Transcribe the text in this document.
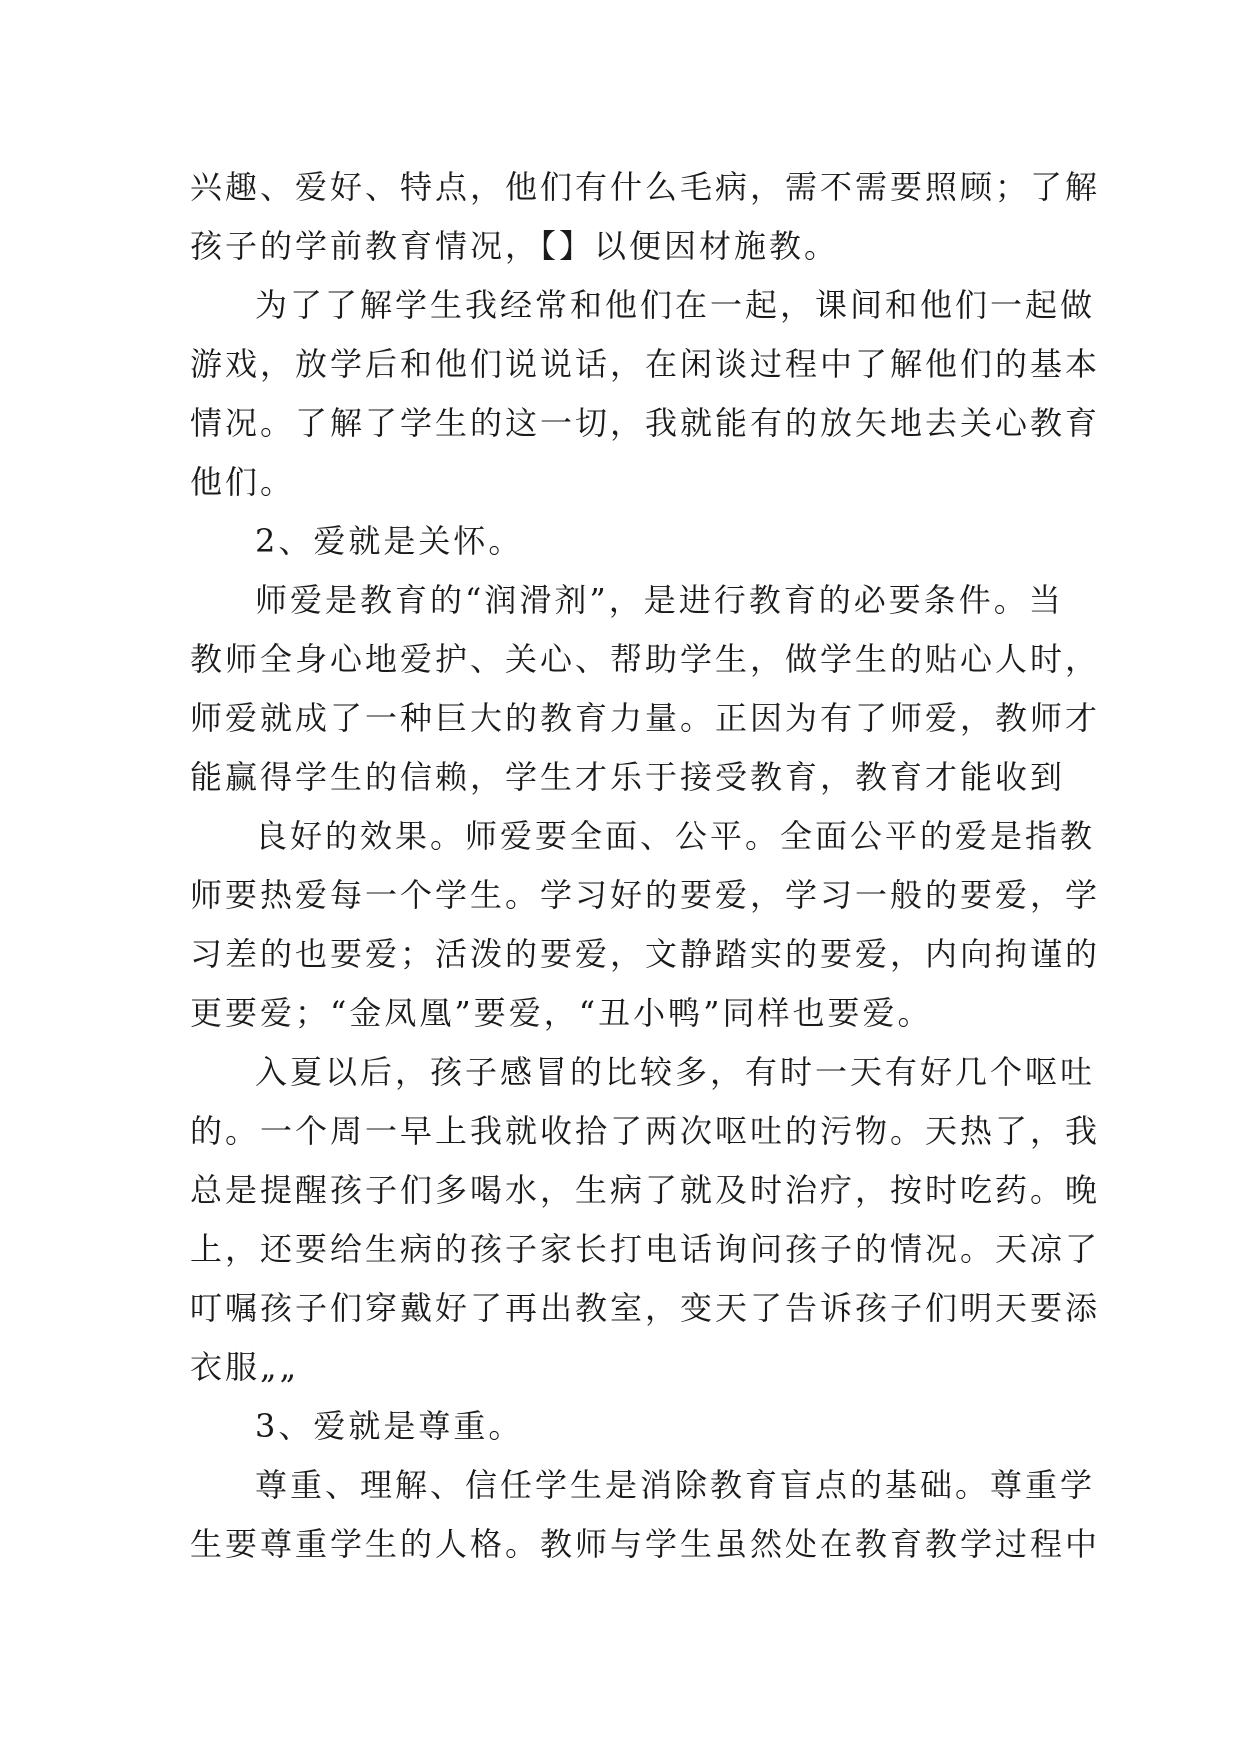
兴趣、爱好、特点，他们有什么毛病，需不需要照顾；了解
孩子的学前教育情况，【】以便因材施教。
为了了解学生我经常和他们在一起，课间和他们一起做
游戏，放学后和他们说说话，在闲谈过程中了解他们的基本
情况。了解了学生的这一切，我就能有的放矢地去关心教育
他们。
2、爱就是关怀。
师爱是教育的“润滑剂”，是进行教育的必要条件。当
教师全身心地爱护、关心、帮助学生，做学生的贴心人时，
师爱就成了一种巨大的教育力量。正因为有了师爱，教师才
能赢得学生的信赖，学生才乐于接受教育，教育才能收到
良好的效果。师爱要全面、公平。全面公平的爱是指教
师要热爱每一个学生。学习好的要爱，学习一般的要爱，学
习差的也要爱；活泼的要爱，文静踏实的要爱，内向拘谨的
更要爱；“金凤凰”要爱，“丑小鸭”同样也要爱。
入夏以后，孩子感冒的比较多，有时一天有好几个呕吐
的。一个周一早上我就收拾了两次呕吐的污物。天热了，我
总是提醒孩子们多喝水，生病了就及时治疗，按时吃药。晚
上，还要给生病的孩子家长打电话询问孩子的情况。天凉了
叮嘱孩子们穿戴好了再出教室，变天了告诉孩子们明天要添
衣服„„
3、爱就是尊重。
尊重、理解、信任学生是消除教育盲点的基础。尊重学
生要尊重学生的人格。教师与学生虽然处在教育教学过程中
